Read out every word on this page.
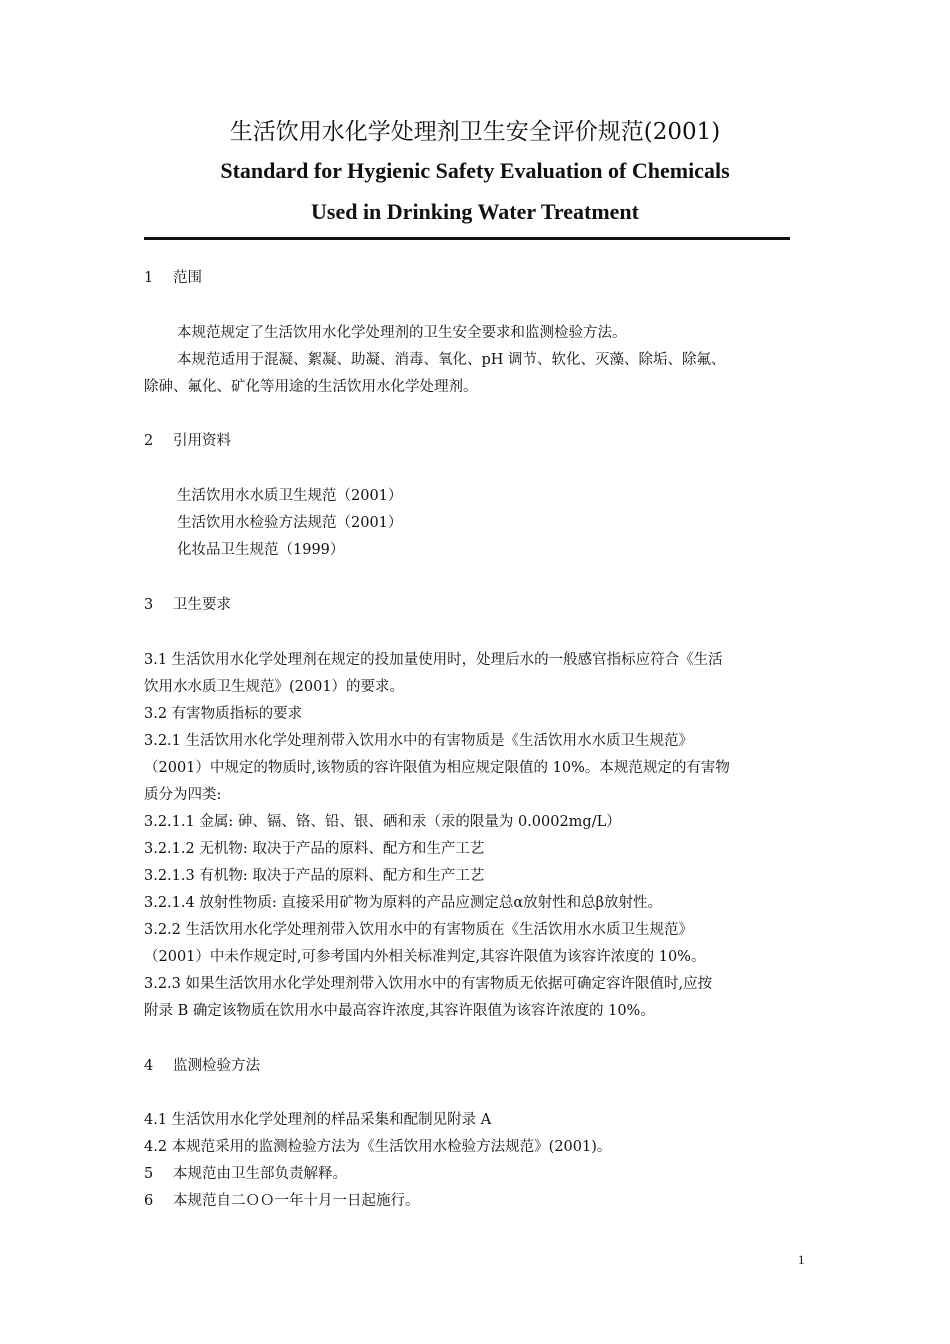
生活饮用水化学处理剂卫生安全评价规范(2001)
Standard for Hygienic Safety Evaluation of Chemicals
Used in Drinking Water Treatment
1 范围
本规范规定了生活饮用水化学处理剂的卫生安全要求和监测检验方法。
本规范适用于混凝、絮凝、助凝、消毒、氧化、pH 调节、软化、灭藻、除垢、除氟、
除砷、氟化、矿化等用途的生活饮用水化学处理剂。
2 引用资料
生活饮用水水质卫生规范（2001）
生活饮用水检验方法规范（2001）
化妆品卫生规范（1999）
3 卫生要求
3.1 生活饮用水化学处理剂在规定的投加量使用时，处理后水的一般感官指标应符合《生活
饮用水水质卫生规范》(2001）的要求。
3.2 有害物质指标的要求
3.2.1 生活饮用水化学处理剂带入饮用水中的有害物质是《生活饮用水水质卫生规范》
（2001）中规定的物质时,该物质的容许限值为相应规定限值的 10%。本规范规定的有害物
质分为四类:
3.2.1.1 金属: 砷、镉、铬、铅、银、硒和汞（汞的限量为 0.0002mg/L）
3.2.1.2 无机物: 取决于产品的原料、配方和生产工艺
3.2.1.3 有机物: 取决于产品的原料、配方和生产工艺
3.2.1.4 放射性物质: 直接采用矿物为原料的产品应测定总α放射性和总β放射性。
3.2.2 生活饮用水化学处理剂带入饮用水中的有害物质在《生活饮用水水质卫生规范》
（2001）中未作规定时,可参考国内外相关标准判定,其容许限值为该容许浓度的 10%。
3.2.3 如果生活饮用水化学处理剂带入饮用水中的有害物质无依据可确定容许限值时,应按
附录 B 确定该物质在饮用水中最高容许浓度,其容许限值为该容许浓度的 10%。
4 监测检验方法
4.1 生活饮用水化学处理剂的样品采集和配制见附录 A
4.2 本规范采用的监测检验方法为《生活饮用水检验方法规范》(2001)。
5 本规范由卫生部负责解释。
6 本规范自二ＯＯ一年十月一日起施行。
1
